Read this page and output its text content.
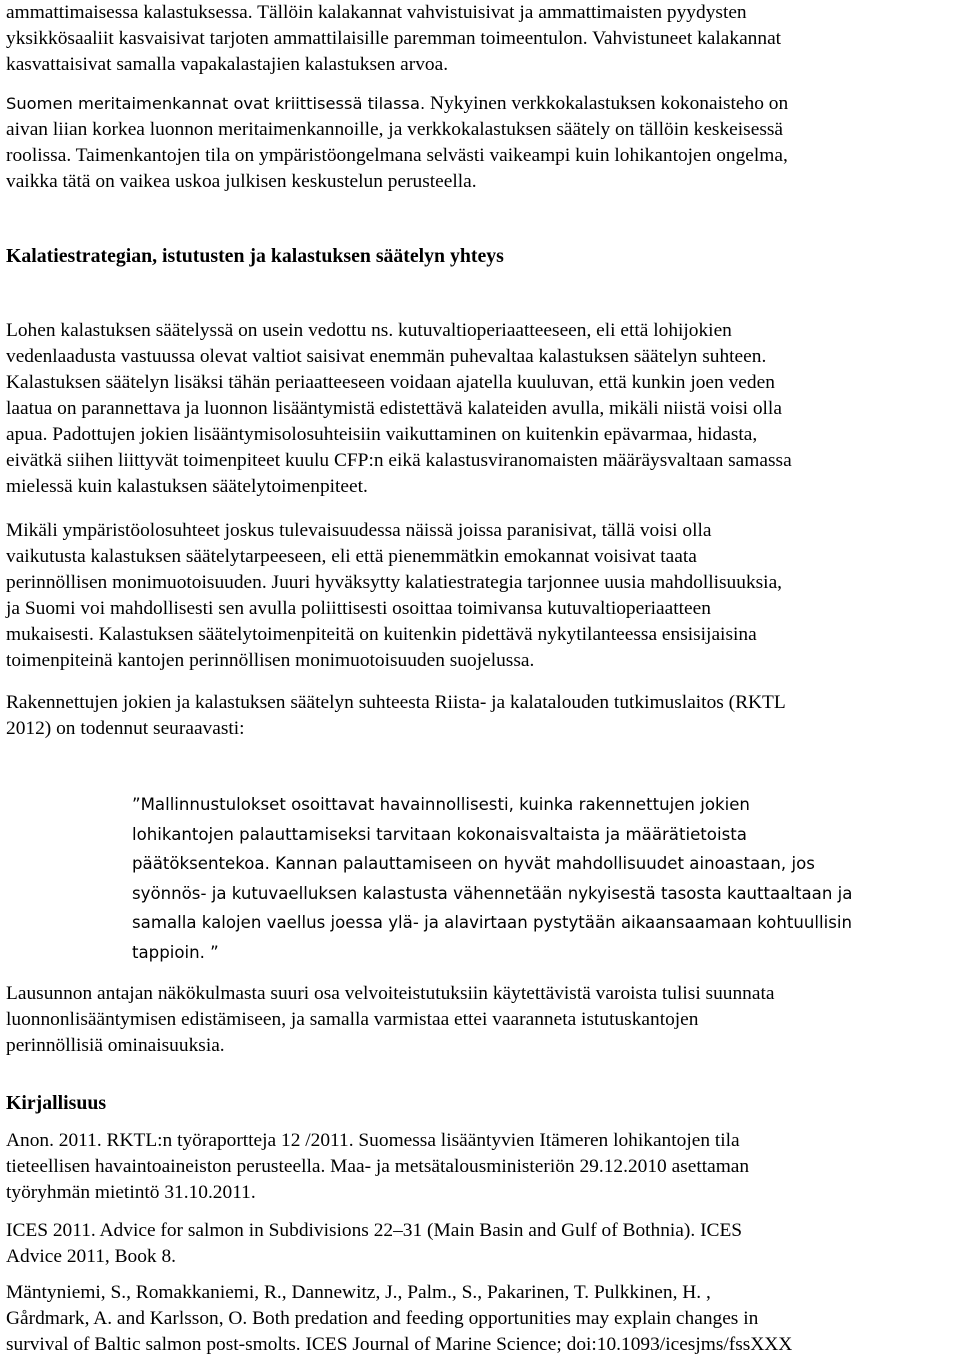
ammattimaisessa kalastuksessa. Tällöin kalakannat vahvistuisivat ja ammattimaisten pyydysten
yksikkösaaliit kasvaisivat tarjoten ammattilaisille paremman toimeentulon. Vahvistuneet kalakannat
kasvattaisivat samalla vapakalastajien kalastuksen arvoa.

Suomen meritaimenkannat ovat kriittisessä tilassa. Nykyinen verkkokalastuksen kokonaisteho on
aivan liian korkea luonnon meritaimenkannoille, ja verkkokalastuksen säätely on tällöin keskeisessä
roolissa. Taimenkantojen tila on ympäristöongelmana selvästi vaikeampi kuin lohikantojen ongelma,
vaikka tätä on vaikea uskoa julkisen keskustelun perusteella.

Kalatiestrategian, istutusten ja kalastuksen säätelyn yhteys

Lohen kalastuksen säätelyssä on usein vedottu ns. kutuvaltioperiaatteeseen, eli että lohijokien
vedenlaadusta vastuussa olevat valtiot saisivat enemmän puhevaltaa kalastuksen säätelyn suhteen.
Kalastuksen säätelyn lisäksi tähän periaatteeseen voidaan ajatella kuuluvan, että kunkin joen veden
laatua on parannettava ja luonnon lisääntymistä edistettävä kalateiden avulla, mikäli niistä voisi olla
apua. Padottujen jokien lisääntymisolosuhteisiin vaikuttaminen on kuitenkin epävarmaa, hidasta,
eivätkä siihen liittyvät toimenpiteet kuulu CFP:n eikä kalastusviranomaisten määräysvaltaan samassa
mielessä kuin kalastuksen säätelytoimenpiteet.

Mikäli ympäristöolosuhteet joskus tulevaisuudessa näissä joissa paranisivat, tällä voisi olla
vaikutusta kalastuksen säätelytarpeeseen, eli että pienemmätkin emokannat voisivat taata
perinnöllisen monimuotoisuuden. Juuri hyväksytty kalatiestrategia tarjonnee uusia mahdollisuuksia,
ja Suomi voi mahdollisesti sen avulla poliittisesti osoittaa toimivansa kutuvaltioperiaatteen
mukaisesti. Kalastuksen säätelytoimenpiteitä on kuitenkin pidettävä nykytilanteessa ensisijaisina
toimenpiteinä kantojen perinnöllisen monimuotoisuuden suojelussa.

Rakennettujen jokien ja kalastuksen säätelyn suhteesta Riista- ja kalatalouden tutkimuslaitos (RKTL
2012) on todennut seuraavasti:

”Mallinnustulokset osoittavat havainnollisesti, kuinka rakennettujen jokien
lohikantojen palauttamiseksi tarvitaan kokonaisvaltaista ja määrätietoista
päätöksentekoa. Kannan palauttamiseen on hyvät mahdollisuudet ainoastaan, jos
syönnös- ja kutuvaelluksen kalastusta vähennetään nykyisestä tasosta kauttaaltaan ja
samalla kalojen vaellus joessa ylä- ja alavirtaan pystytään aikaansaamaan kohtuullisin
tappioin. ”

Lausunnon antajan näkökulmasta suuri osa velvoiteistutuksiin käytettävistä varoista tulisi suunnata
luonnonlisääntymisen edistämiseen, ja samalla varmistaa ettei vaaranneta istutuskantojen
perinnöllisiä ominaisuuksia.

Kirjallisuus

Anon. 2011. RKTL:n työraportteja 12 /2011. Suomessa lisääntyvien Itämeren lohikantojen tila
tieteellisen havaintoaineiston perusteella. Maa- ja metsätalousministeriön 29.12.2010 asettaman
työryhmän mietintö 31.10.2011.

ICES 2011. Advice for salmon in Subdivisions 22–31 (Main Basin and Gulf of Bothnia). ICES
Advice 2011, Book 8.

Mäntyniemi, S., Romakkaniemi, R., Dannewitz, J., Palm., S., Pakarinen, T. Pulkkinen, H. ,
Gårdmark, A. and Karlsson, O. Both predation and feeding opportunities may explain changes in
survival of Baltic salmon post-smolts. ICES Journal of Marine Science; doi:10.1093/icesjms/fssXXX
